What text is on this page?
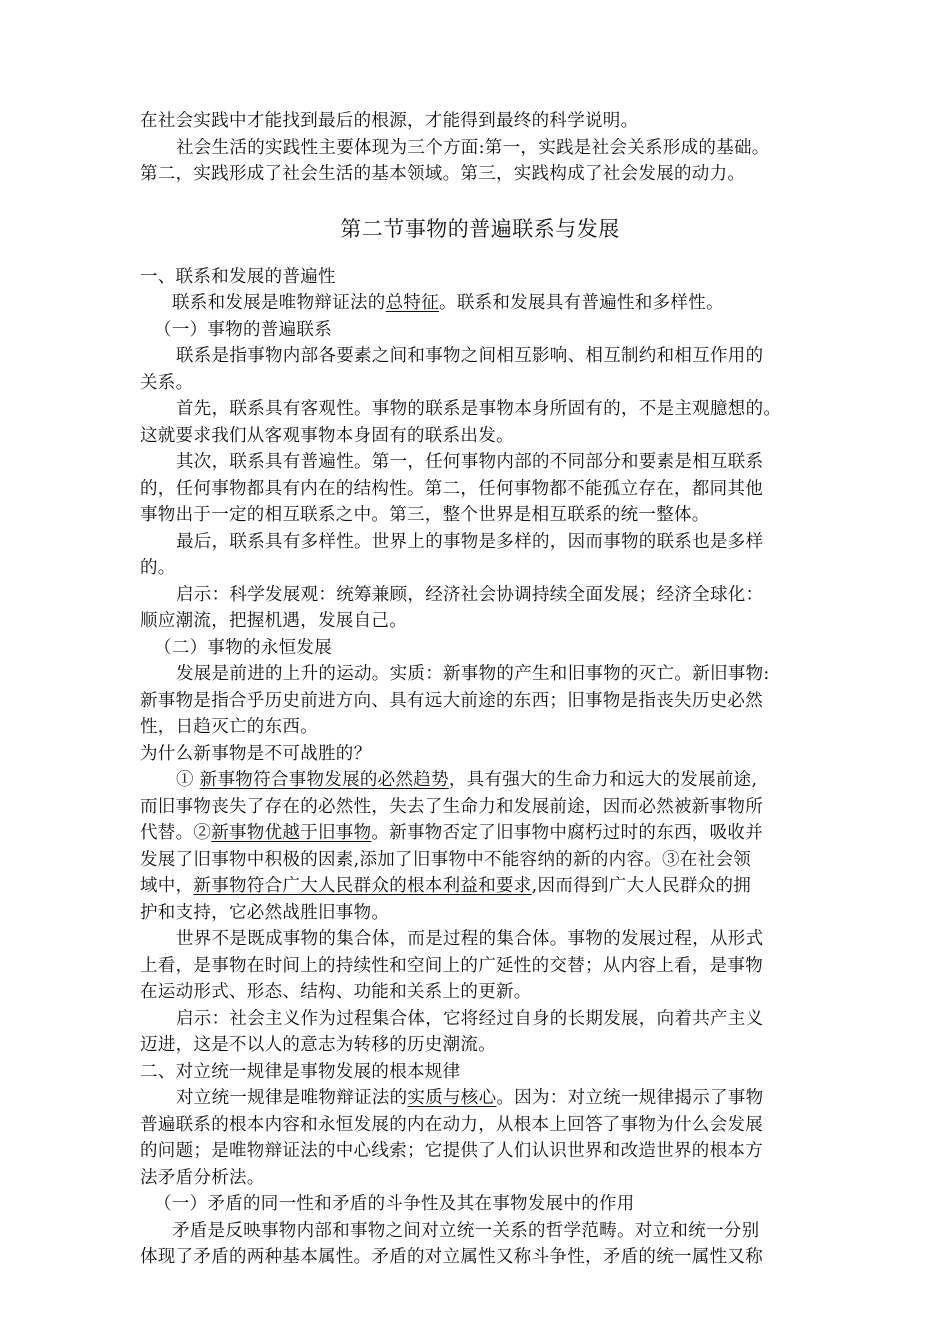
在社会实践中才能找到最后的根源，才能得到最终的科学说明。
社会生活的实践性主要体现为三个方面:第一，实践是社会关系形成的基础。
第二，实践形成了社会生活的基本领域。第三，实践构成了社会发展的动力。
第二节事物的普遍联系与发展
一、联系和发展的普遍性
联系和发展是唯物辩证法的总特征。联系和发展具有普遍性和多样性。
（一）事物的普遍联系
联系是指事物内部各要素之间和事物之间相互影响、相互制约和相互作用的
关系。
首先，联系具有客观性。事物的联系是事物本身所固有的，不是主观臆想的。
这就要求我们从客观事物本身固有的联系出发。
其次，联系具有普遍性。第一，任何事物内部的不同部分和要素是相互联系
的，任何事物都具有内在的结构性。第二，任何事物都不能孤立存在，都同其他
事物出于一定的相互联系之中。第三，整个世界是相互联系的统一整体。
最后，联系具有多样性。世界上的事物是多样的，因而事物的联系也是多样
的。
启示：科学发展观：统筹兼顾，经济社会协调持续全面发展；经济全球化：
顺应潮流，把握机遇，发展自己。
（二）事物的永恒发展
发展是前进的上升的运动。实质：新事物的产生和旧事物的灭亡。新旧事物:
新事物是指合乎历史前进方向、具有远大前途的东西；旧事物是指丧失历史必然
性，日趋灭亡的东西。
为什么新事物是不可战胜的？
① 新事物符合事物发展的必然趋势，具有强大的生命力和远大的发展前途,
而旧事物丧失了存在的必然性，失去了生命力和发展前途，因而必然被新事物所
代替。②新事物优越于旧事物。新事物否定了旧事物中腐朽过时的东西，吸收并
发展了旧事物中积极的因素,添加了旧事物中不能容纳的新的内容。③在社会领
域中，新事物符合广大人民群众的根本利益和要求,因而得到广大人民群众的拥
护和支持，它必然战胜旧事物。
世界不是既成事物的集合体，而是过程的集合体。事物的发展过程，从形式
上看，是事物在时间上的持续性和空间上的广延性的交替；从内容上看，是事物
在运动形式、形态、结构、功能和关系上的更新。
启示：社会主义作为过程集合体，它将经过自身的长期发展，向着共产主义
迈进，这是不以人的意志为转移的历史潮流。
二、对立统一规律是事物发展的根本规律
对立统一规律是唯物辩证法的实质与核心。因为：对立统一规律揭示了事物
普遍联系的根本内容和永恒发展的内在动力，从根本上回答了事物为什么会发展
的问题；是唯物辩证法的中心线索；它提供了人们认识世界和改造世界的根本方
法矛盾分析法。
（一）矛盾的同一性和矛盾的斗争性及其在事物发展中的作用
矛盾是反映事物内部和事物之间对立统一关系的哲学范畴。对立和统一分别
体现了矛盾的两种基本属性。矛盾的对立属性又称斗争性，矛盾的统一属性又称
